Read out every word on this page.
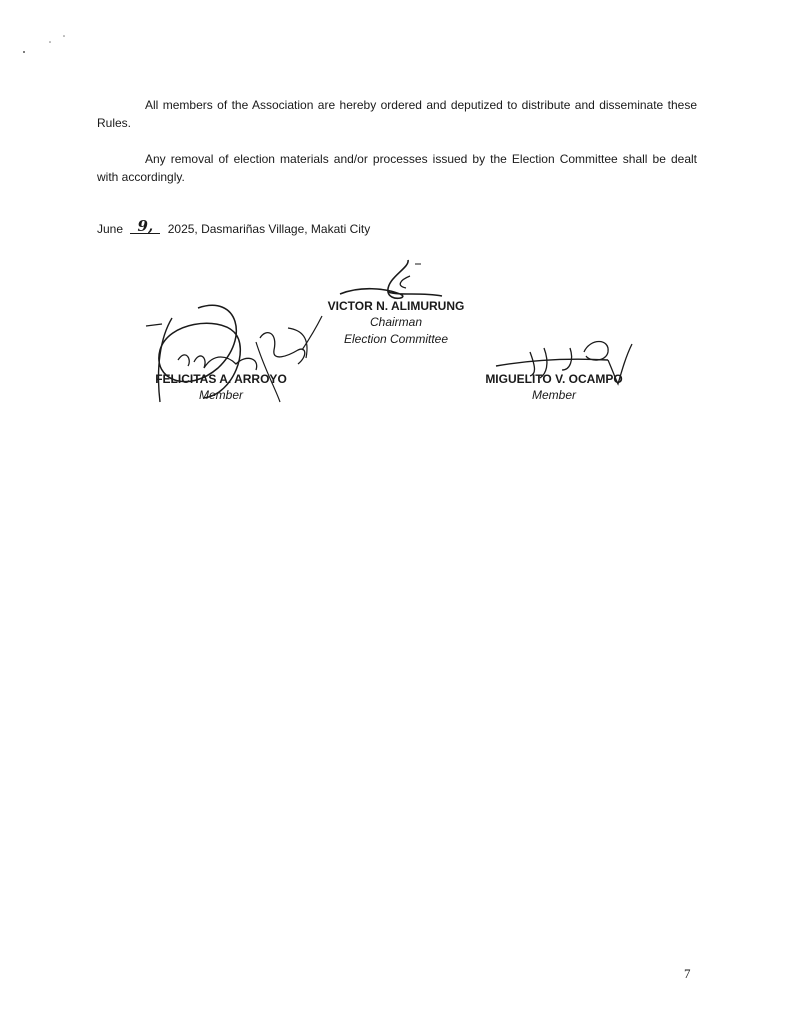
All members of the Association are hereby ordered and deputized to distribute and disseminate these Rules.

Any removal of election materials and/or processes issued by the Election Committee shall be dealt with accordingly.

June 9, 2025, Dasmariñas Village, Makati City
VICTOR N. ALIMURUNG
Chairman
Election Committee
FELICITAS A. ARROYO
Member
MIGUELITO V. OCAMPO
Member
7
